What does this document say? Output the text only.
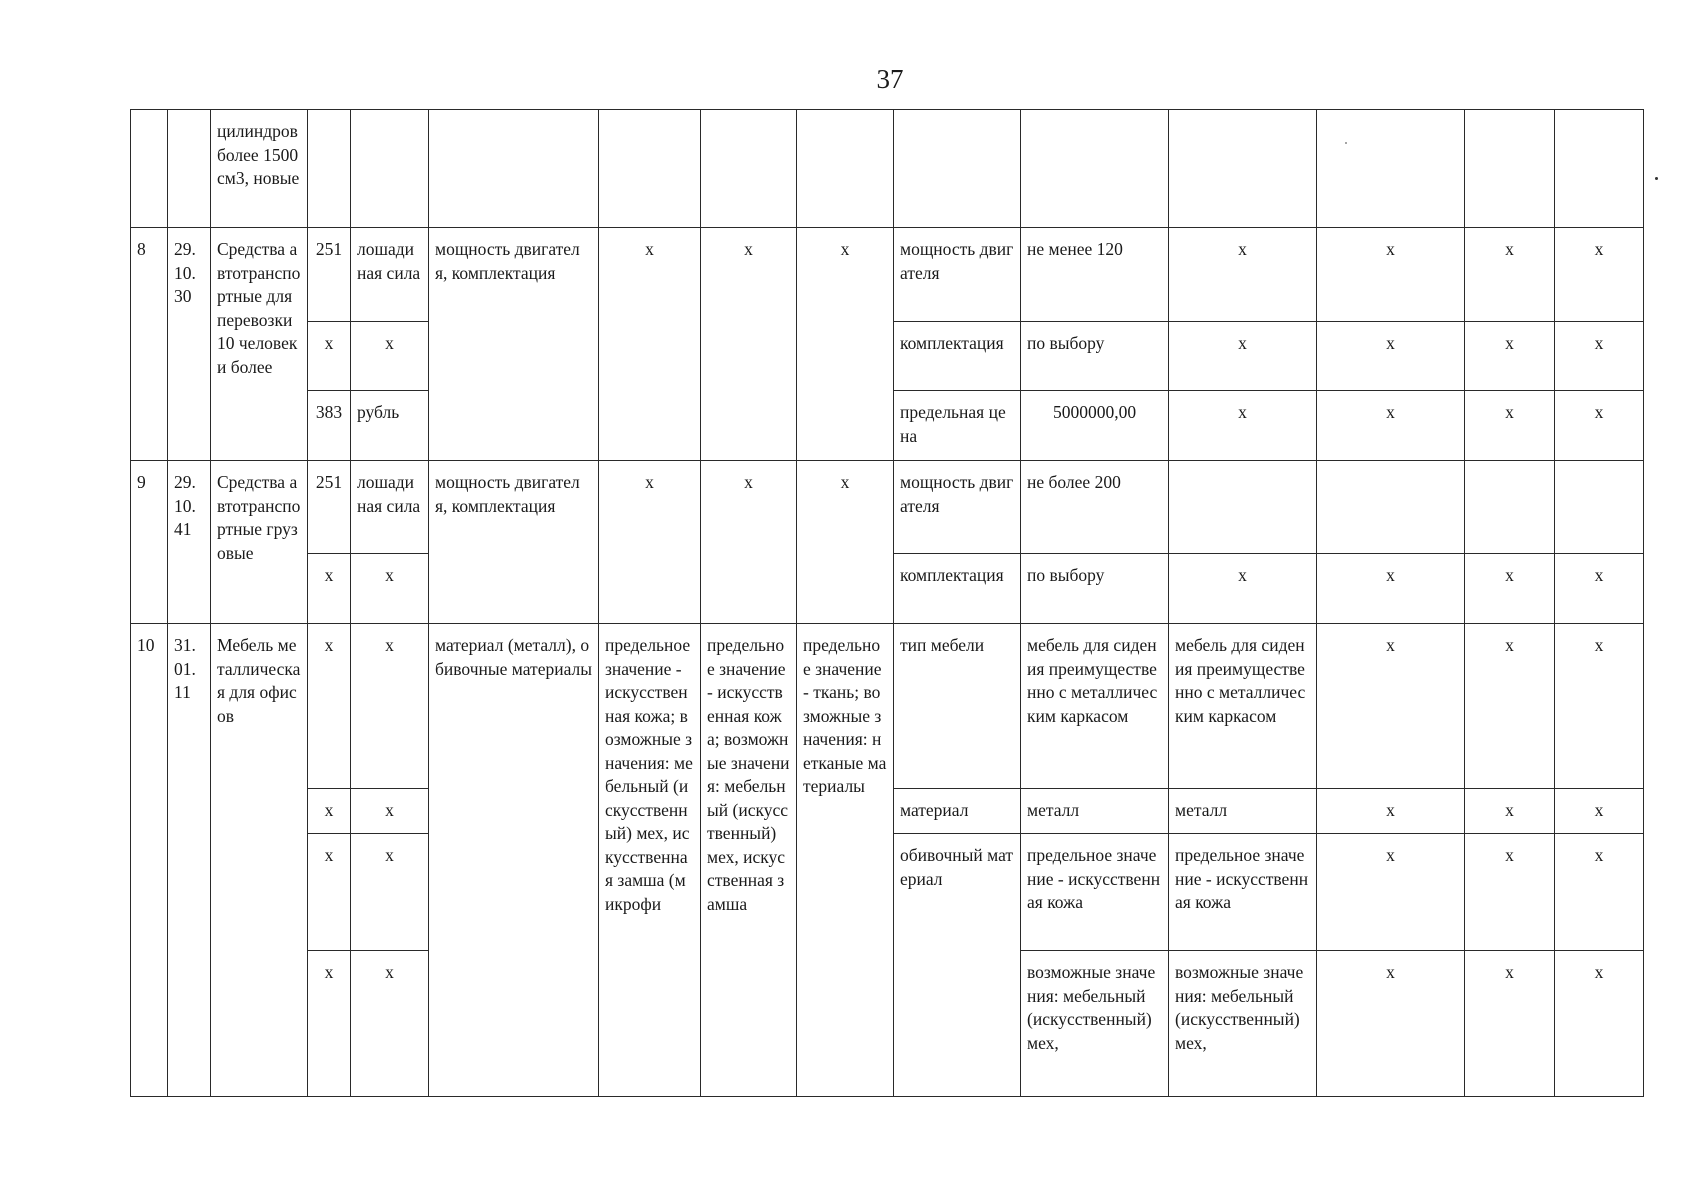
37
		цилиндров более 1500 см3, новые												
8	29.10.30	Средства автотранспортные для перевозки 10 человек и более	251	лошадиная сила	мощность двигателя, комплектация	x	x	x	мощность двигателя	не менее 120	x	x	x	x
			x	x					комплектация	по выбору	x	x	x	x
			383	рубль					предельная цена	5000000,00	x	x	x	x
9	29.10.41	Средства автотранспортные грузовые	251	лошадиная сила	мощность двигателя, комплектация	x	x	x	мощность двигателя	не более 200				
			x	x					комплектация	по выбору	x	x	x	x
10	31.01.11	Мебель металлическая для офисов	x	x	материал (металл), обивочные материалы	предельное значение - искусственная кожа; возможные значения: мебельный (искусственный) мех, искусственная замша (микрофи	предельное значение - искусственная кожа; возможные значения: мебельный (искусственный) мех, искусственная замша	предельное значение - ткань; возможные значения: нетканые материалы	тип мебели	мебель для сидения преимущественно с металлическим каркасом	мебель для сидения преимущественно с металлическим каркасом	x	x	x
			x	x					материал	металл	металл	x	x	x
			x	x					обивочный материал	предельное значение - искусственная кожа	предельное значение - искусственная кожа	x	x	x
			x	x						возможные значения: мебельный (искусственный) мех,	возможные значения: мебельный (искусственный) мех,	x	x	x
